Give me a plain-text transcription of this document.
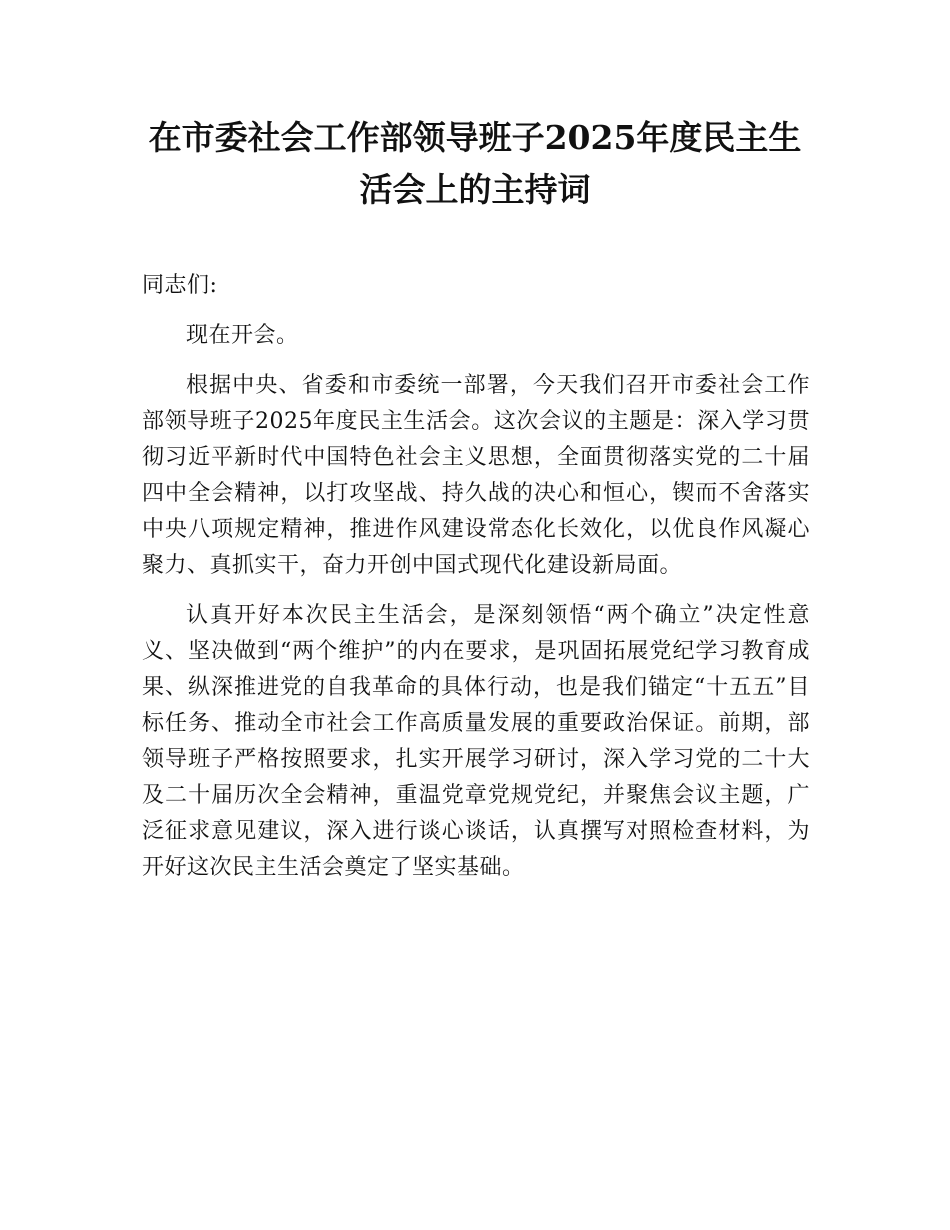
在市委社会工作部领导班子2025年度民主生
活会上的主持词

同志们:

现在开会。

根据中央、省委和市委统一部署，今天我们召开市委社会工作部领导班子2025年度民主生活会。这次会议的主题是：深入学习贯彻习近平新时代中国特色社会主义思想，全面贯彻落实党的二十届四中全会精神，以打攻坚战、持久战的决心和恒心，锲而不舍落实中央八项规定精神，推进作风建设常态化长效化，以优良作风凝心聚力、真抓实干，奋力开创中国式现代化建设新局面。

认真开好本次民主生活会，是深刻领悟“两个确立”决定性意义、坚决做到“两个维护”的内在要求，是巩固拓展党纪学习教育成果、纵深推进党的自我革命的具体行动，也是我们锚定“十五五”目标任务、推动全市社会工作高质量发展的重要政治保证。前期，部领导班子严格按照要求，扎实开展学习研讨，深入学习党的二十大及二十届历次全会精神，重温党章党规党纪，并聚焦会议主题，广泛征求意见建议，深入进行谈心谈话，认真撰写对照检查材料，为开好这次民主生活会奠定了坚实基础。
